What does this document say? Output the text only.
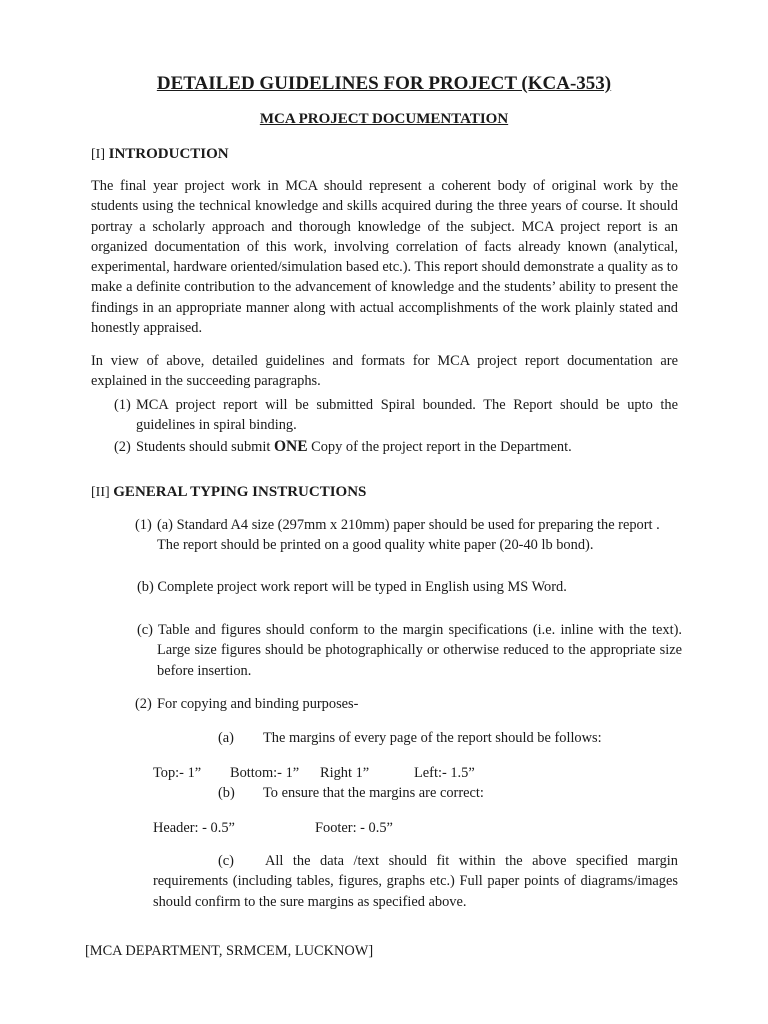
DETAILED GUIDELINES FOR PROJECT (KCA-353)
MCA PROJECT DOCUMENTATION
[I] INTRODUCTION
The final year project work in MCA should represent a coherent body of original work by the students using the technical knowledge and skills acquired during the three years of course. It should portray a scholarly approach and thorough knowledge of the subject. MCA project report is an organized documentation of this work, involving correlation of facts already known (analytical, experimental, hardware oriented/simulation based etc.). This report should demonstrate a quality as to make a definite contribution to the advancement of knowledge and the students’ ability to present the findings in an appropriate manner along with actual accomplishments of the work plainly stated and honestly appraised.
In view of above, detailed guidelines and formats for MCA project report documentation are explained in the succeeding paragraphs.
(1) MCA project report will be submitted Spiral bounded. The Report should be upto the guidelines in spiral binding.
(2) Students should submit ONE Copy of the project report in the Department.
[II] GENERAL TYPING INSTRUCTIONS
(1) (a) Standard A4 size (297mm x 210mm) paper should be used for preparing the report . The report should be printed on a good quality white paper (20-40 lb bond).
(b) Complete project work report will be typed in English using MS Word.
(c) Table and figures should conform to the margin specifications (i.e. inline with the text). Large size figures should be photographically or otherwise reduced to the appropriate size before insertion.
(2) For copying and binding purposes-
(a) The margins of every page of the report should be follows:
Top:- 1” Bottom:- 1” Right 1”	Left:- 1.5”
(b) To ensure that the margins are correct:
Header: - 0.5”	Footer: - 0.5”
(c)	All the data /text should fit within the above specified margin requirements (including tables, figures, graphs etc.) Full paper points of diagrams/images should confirm to the sure margins as specified above.
[MCA DEPARTMENT, SRMCEM, LUCKNOW]
